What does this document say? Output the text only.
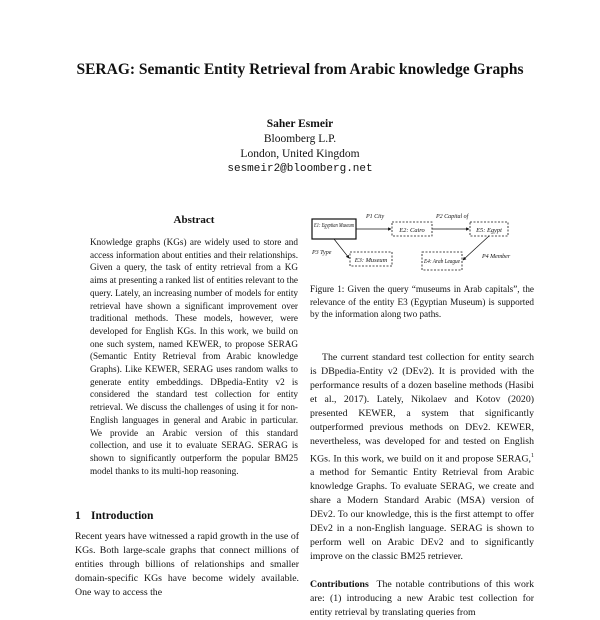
SERAG: Semantic Entity Retrieval from Arabic knowledge Graphs
Saher Esmeir
Bloomberg L.P.
London, United Kingdom
sesmeir2@bloomberg.net
Abstract
Knowledge graphs (KGs) are widely used to store and access information about entities and their relationships. Given a query, the task of entity retrieval from a KG aims at presenting a ranked list of entities relevant to the query. Lately, an increasing number of models for entity retrieval have shown a significant improvement over traditional methods. These models, however, were developed for English KGs. In this work, we build on one such system, named KEWER, to propose SERAG (Semantic Entity Retrieval from Arabic knowledge Graphs). Like KEWER, SERAG uses random walks to generate entity embeddings. DBpedia-Entity v2 is considered the standard test collection for entity retrieval. We discuss the challenges of using it for non-English languages in general and Arabic in particular. We provide an Arabic version of this standard collection, and use it to evaluate SERAG. SERAG is shown to significantly outperform the popular BM25 model thanks to its multi-hop reasoning.
1 Introduction
Recent years have witnessed a rapid growth in the use of KGs. Both large-scale graphs that connect millions of entities through billions of relationships and smaller domain-specific KGs have become widely available. One way to access the
E1: Egyptian Museum
E2: Cairo	E5: Egypt
E3: Museum	E4: Arab League
P1 City	P2 Capital of
P3 Type
P4 Member
Figure 1: Given the query “museums in Arab capitals”, the relevance of the entity E3 (Egyptian Museum) is supported by the information along two paths.
The current standard test collection for entity search is DBpedia-Entity v2 (DEv2). It is provided with the performance results of a dozen baseline methods (Hasibi et al., 2017). Lately, Nikolaev and Kotov (2020) presented KEWER, a system that significantly outperformed previous methods on DEv2. KEWER, nevertheless, was developed for and tested on English KGs. In this work, we build on it and propose SERAG,$^1$ a method for Semantic Entity Retrieval from Arabic knowledge Graphs. To evaluate SERAG, we create and share a Modern Standard Arabic (MSA) version of DEv2. To our knowledge, this is the first attempt to offer DEv2 in a non-English language. SERAG is shown to perform well on Arabic DEv2 and to significantly improve on the classic BM25 retriever.
Contributions The notable contributions of this work are: (1) introducing a new Arabic test collection for entity retrieval by translating queries from
